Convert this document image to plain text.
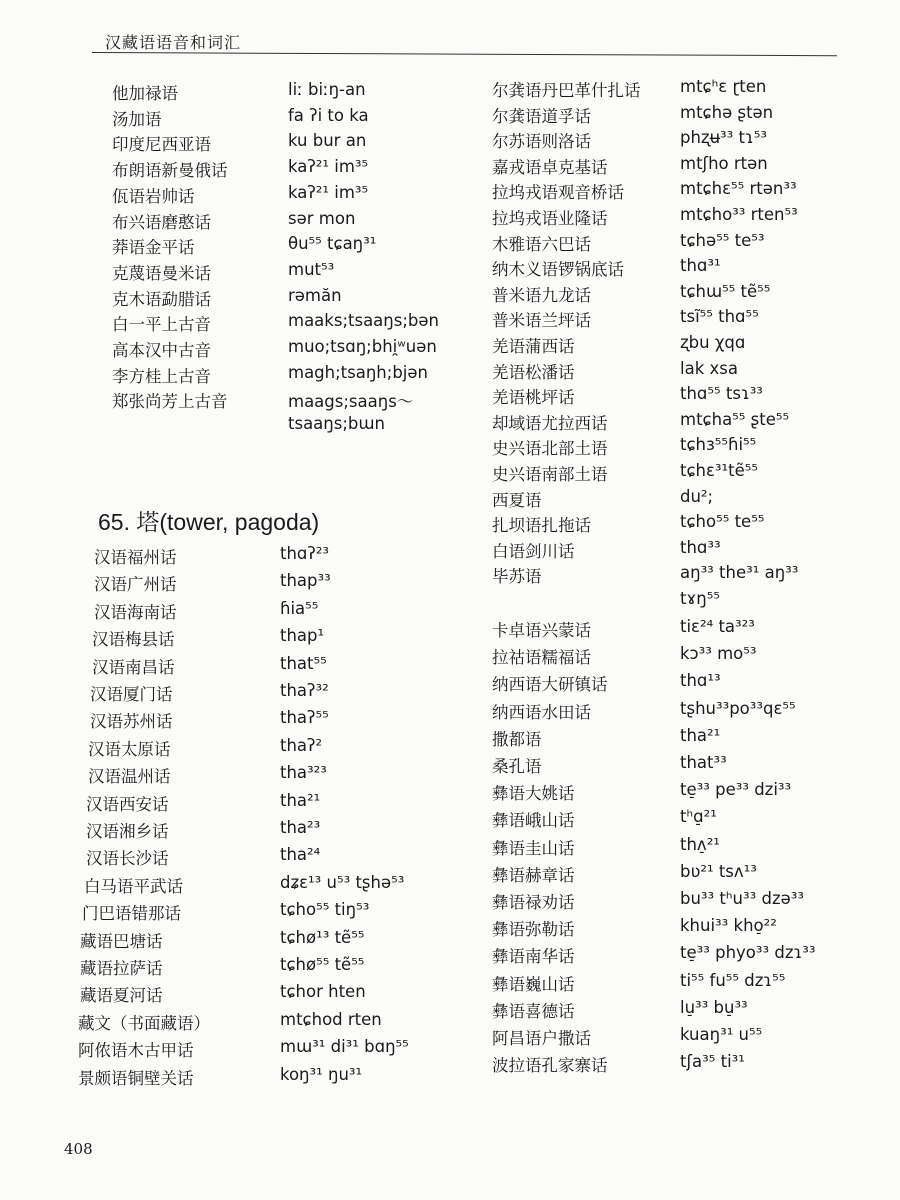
汉藏语语音和词汇
他加禄语	liː biːŋ-an
汤加语	fa ʔi to ka
印度尼西亚语	ku bur an
布朗语新曼俄话	kaʔ²¹ im³⁵
佤语岩帅话	kaʔ²¹ im³⁵
布兴语磨憨话	sər mon
莽语金平话	θu⁵⁵ tɕaŋ³¹
克蔑语曼米话	mut⁵³
克木语勐腊话	rəmăn
白一平上古音	maaks;tsaaŋs;bən
高本汉中古音	muo;tsɑŋ;bhi̯ʷuən
李方桂上古音	magh;tsaŋh;bjən
郑张尚芳上古音	maags;saaŋs～
tsaaŋs;bɯn
65. 塔(tower, pagoda)
汉语福州话	thɑʔ²³
汉语广州话	thap³³
汉语海南话	ɦia⁵⁵
汉语梅县话	thap¹
汉语南昌话	that⁵⁵
汉语厦门话	thaʔ³²
汉语苏州话	thaʔ⁵⁵
汉语太原话	thaʔ²
汉语温州话	tha³²³
汉语西安话	tha²¹
汉语湘乡话	tha²³
汉语长沙话	tha²⁴
白马语平武话	dʑɛ¹³ u⁵³ tʂhə⁵³
门巴语错那话	tɕho⁵⁵ tiŋ⁵³
藏语巴塘话	tɕhø¹³ tẽ⁵⁵
藏语拉萨话	tɕhø⁵⁵ tẽ⁵⁵
藏语夏河话	tɕhor hten
藏文（书面藏语）	mtɕhod rten
阿侬语木古甲话	mɯ³¹ di³¹ bɑŋ⁵⁵
景颇语铜壁关话	koŋ³¹ ŋu³¹
尔龚语丹巴革什扎话 mtɕʰɛ ɽten
尔龚语道孚话	mtɕhə ʂtən
尔苏语则洛话	phʐʉ³³ tɿ⁵³
嘉戎语卓克基话	mtʃho rtən
拉坞戎语观音桥话	mtɕhɛ⁵⁵ rtən³³
拉坞戎语业隆话	mtɕho³³ rten⁵³
木雅语六巴话	tɕhə⁵⁵ te⁵³
纳木义语锣锅底话	thɑ³¹
普米语九龙话	tɕhɯ⁵⁵ tẽ⁵⁵
普米语兰坪话	tsĩ⁵⁵ thɑ⁵⁵
羌语蒲西话	ʐbu χqɑ
羌语松潘话	lak xsa
羌语桃坪话	thɑ⁵⁵ tsɿ³³
却域语尤拉西话	mtɕha⁵⁵ ʂte⁵⁵
史兴语北部土语	tɕhɜ⁵⁵ɦi⁵⁵
史兴语南部土语	tɕhɛ³¹tẽ⁵⁵
西夏语	du²;
扎坝语扎拖话	tɕho⁵⁵ te⁵⁵
白语剑川话	thɑ³³
毕苏语	aŋ³³ the³¹ aŋ³³
tɤŋ⁵⁵
卡卓语兴蒙话	tiɛ²⁴ ta³²³
拉祜语糯福话	kɔ³³ mo⁵³
纳西语大研镇话	thɑ¹³
纳西语水田话	tʂhu³³po³³qɛ⁵⁵
撒都语	tha²¹
桑孔语	that³³
彝语大姚话	te̠³³ pe³³ dzi³³
彝语峨山话	tʰɑ̠²¹
彝语圭山话	thʌ̠²¹
彝语赫章话	bʋ²¹ tsʌ¹³
彝语禄劝话	bu³³ tʰu³³ dzə³³
彝语弥勒话	khui³³ kho̠²²
彝语南华话	te̠³³ phyo³³ dzɿ³³
彝语巍山话	ti⁵⁵ fu⁵⁵ dzɿ⁵⁵
彝语喜德话	lu̠³³ bu̠³³
阿昌语户撒话	kuaŋ³¹ u⁵⁵
波拉语孔家寨话	tʃa³⁵ ti³¹
408
